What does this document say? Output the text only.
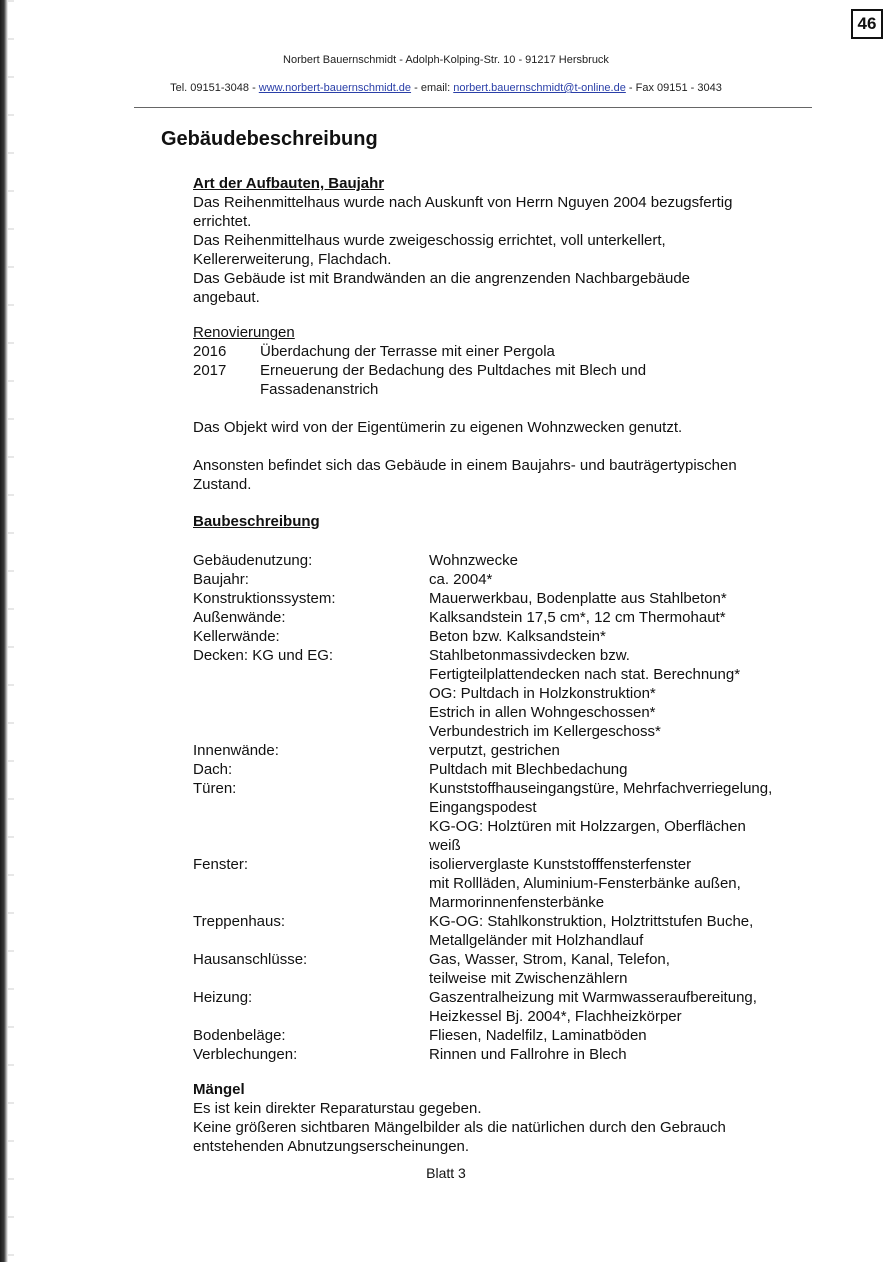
46
Norbert Bauernschmidt - Adolph-Kolping-Str. 10 - 91217 Hersbruck
Tel. 09151-3048 - www.norbert-bauernschmidt.de - email: norbert.bauernschmidt@t-online.de - Fax 09151 - 3043
Gebäudebeschreibung
Art der Aufbauten, Baujahr
Das Reihenmittelhaus wurde nach Auskunft von Herrn Nguyen 2004 bezugsfertig
errichtet.
Das Reihenmittelhaus wurde zweigeschossig errichtet, voll unterkellert,
Kellererweiterung, Flachdach.
Das Gebäude ist mit Brandwänden an die angrenzenden Nachbargebäude
angebaut.
Renovierungen
2016	Überdachung der Terrasse mit einer Pergola
2017	Erneuerung der Bedachung des Pultdaches mit Blech und
Fassadenanstrich
Das Objekt wird von der Eigentümerin zu eigenen Wohnzwecken genutzt.
Ansonsten befindet sich das Gebäude in einem Baujahrs- und bauträgertypischen
Zustand.
Baubeschreibung
Gebäudenutzung:	Wohnzwecke
Baujahr:	ca. 2004*
Konstruktionssystem:	Mauerwerkbau, Bodenplatte aus Stahlbeton*
Außenwände:	Kalksandstein 17,5 cm*, 12 cm Thermohaut*
Kellerwände:	Beton bzw. Kalksandstein*
Decken: KG und EG:	Stahlbetonmassivdecken bzw.
Fertigteilplattendecken nach stat. Berechnung*
OG: Pultdach in Holzkonstruktion*
Estrich in allen Wohngeschossen*
Verbundestrich im Kellergeschoss*
Innenwände:	verputzt, gestrichen
Dach:	Pultdach mit Blechbedachung
Türen:	Kunststoffhauseingangstüre, Mehrfachverriegelung,
Eingangspodest
KG-OG: Holztüren mit Holzzargen, Oberflächen
weiß
Fenster:	isolierverglaste Kunststofffensterfenster
mit Rollläden, Aluminium-Fensterbänke außen,
Marmorinnenfensterbänke
Treppenhaus:	KG-OG: Stahlkonstruktion, Holztrittstufen Buche,
Metallgeländer mit Holzhandlauf
Hausanschlüsse:	Gas, Wasser, Strom, Kanal, Telefon,
teilweise mit Zwischenzählern
Heizung:	Gaszentralheizung mit Warmwasseraufbereitung,
Heizkessel Bj. 2004*, Flachheizkörper
Bodenbeläge:	Fliesen, Nadelfilz, Laminatböden
Verblechungen:	Rinnen und Fallrohre in Blech
Mängel
Es ist kein direkter Reparaturstau gegeben.
Keine größeren sichtbaren Mängelbilder als die natürlichen durch den Gebrauch
entstehenden Abnutzungserscheinungen.
Blatt 3
